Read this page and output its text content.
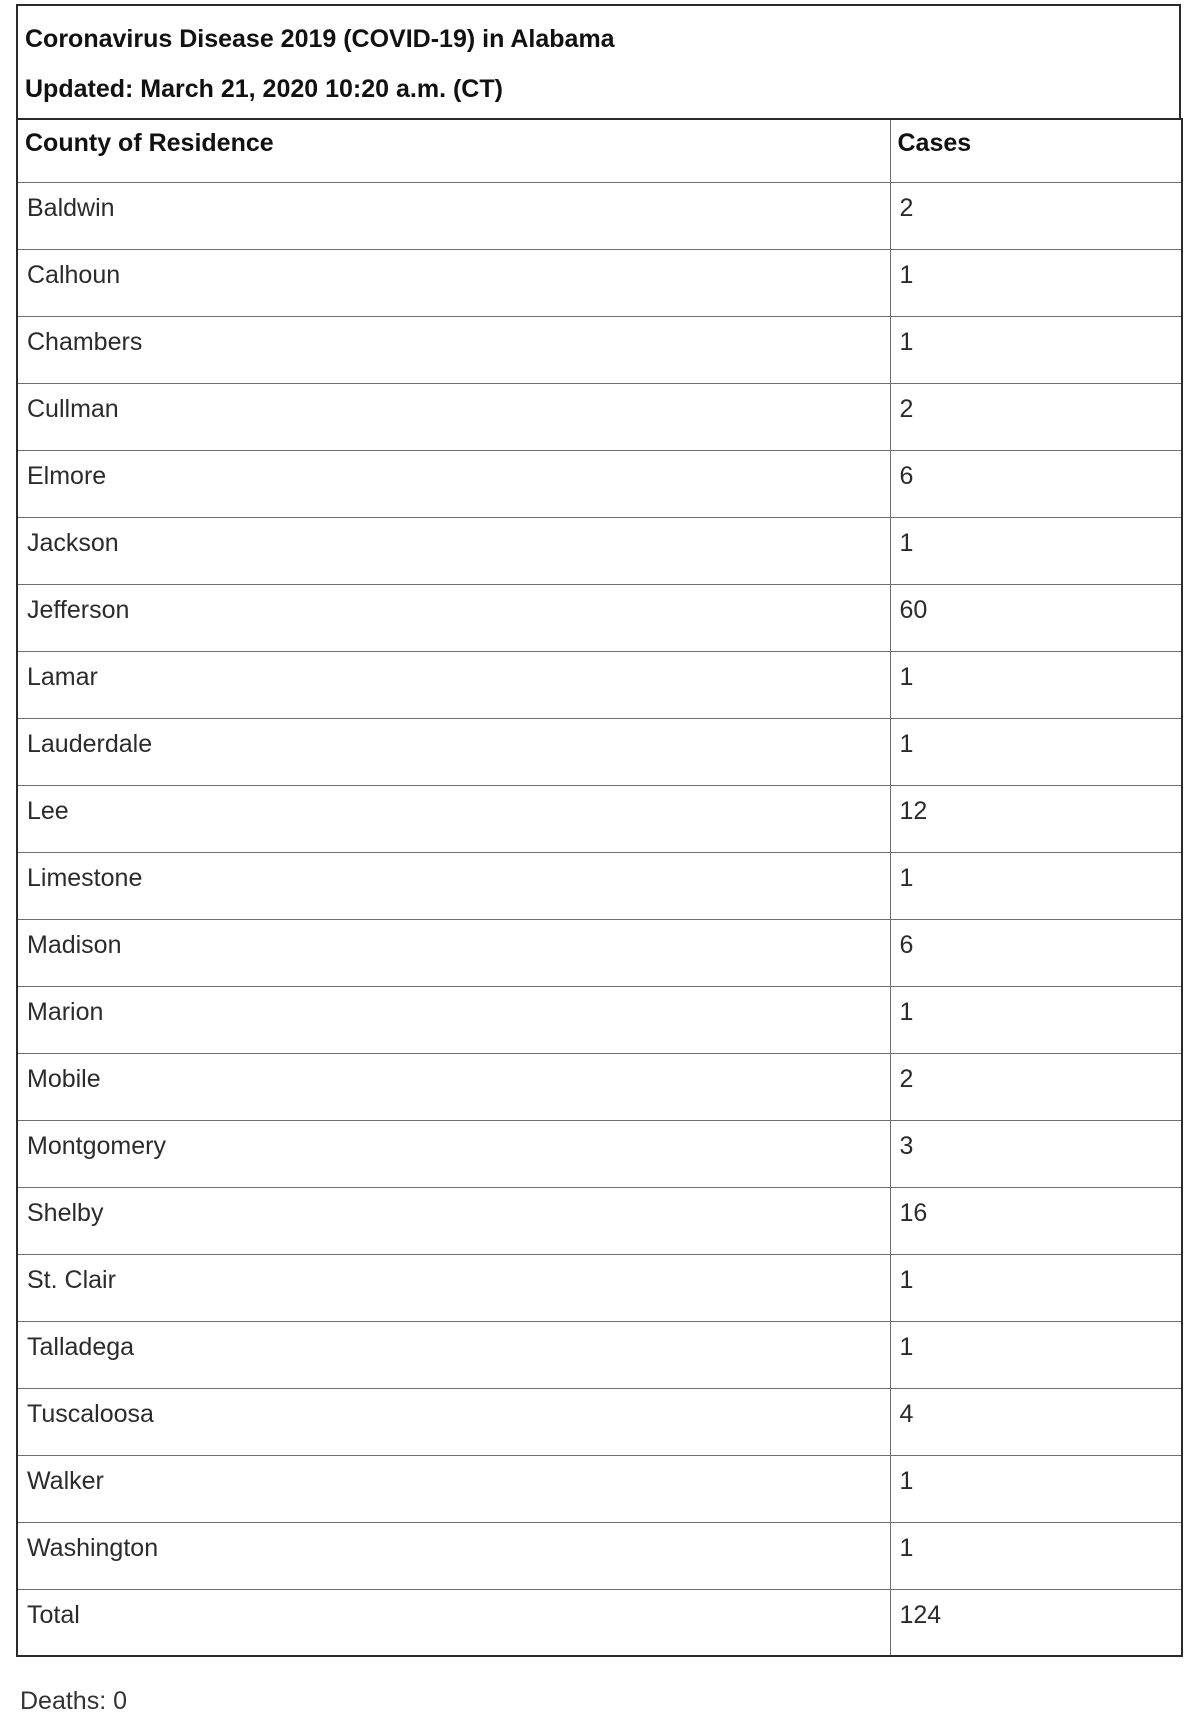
Coronavirus Disease 2019 (COVID-19) in Alabama
Updated: March 21, 2020 10:20 a.m. (CT)
County of Residence	Cases
Baldwin	2
Calhoun	1
Chambers	1
Cullman	2
Elmore	6
Jackson	1
Jefferson	60
Lamar	1
Lauderdale	1
Lee	12
Limestone	1
Madison	6
Marion	1
Mobile	2
Montgomery	3
Shelby	16
St. Clair	1
Talladega	1
Tuscaloosa	4
Walker	1
Washington	1
Total	124
Deaths: 0
